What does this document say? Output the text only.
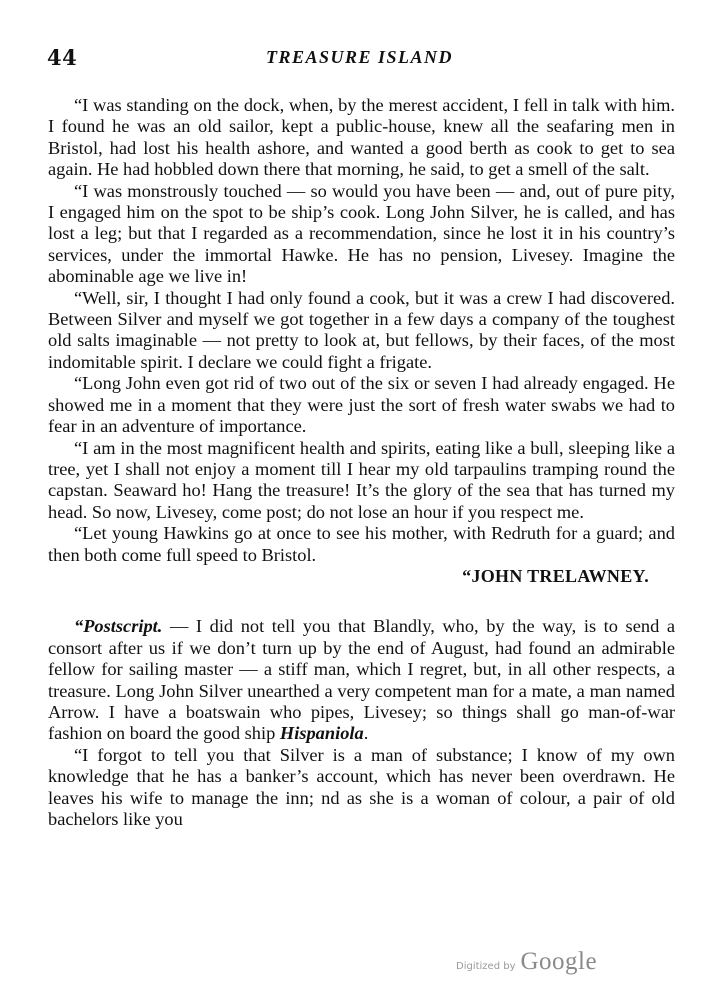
44	TREASURE ISLAND

“I was standing on the dock, when, by the merest accident, I fell in talk with him. I found he was an old sailor, kept a public-house, knew all the seafaring men in Bristol, had lost his health ashore, and wanted a good berth as cook to get to sea again. He had hobbled down there that morning, he said, to get a smell of the salt.

“I was monstrously touched — so would you have been — and, out of pure pity, I engaged him on the spot to be ship’s cook. Long John Silver, he is called, and has lost a leg; but that I regarded as a recommendation, since he lost it in his country’s services, under the immortal Hawke. He has no pension, Livesey. Imagine the abominable age we live in!

“Well, sir, I thought I had only found a cook, but it was a crew I had discovered. Between Silver and myself we got together in a few days a company of the toughest old salts imaginable — not pretty to look at, but fellows, by their faces, of the most indomitable spirit. I declare we could fight a frigate.

“Long John even got rid of two out of the six or seven I had already engaged. He showed me in a moment that they were just the sort of fresh water swabs we had to fear in an adventure of importance.

“I am in the most magnificent health and spirits, eating like a bull, sleeping like a tree, yet I shall not enjoy a moment till I hear my old tarpaulins tramping round the capstan. Seaward ho! Hang the treasure! It’s the glory of the sea that has turned my head. So now, Livesey, come post; do not lose an hour if you respect me.

“Let young Hawkins go at once to see his mother, with Redruth for a guard; and then both come full speed to Bristol.

“JOHN TRELAWNEY.

“Postscript. — I did not tell you that Blandly, who, by the way, is to send a consort after us if we don’t turn up by the end of August, had found an admirable fellow for sailing master — a stiff man, which I regret, but, in all other respects, a treasure. Long John Silver unearthed a very competent man for a mate, a man named Arrow. I have a boatswain who pipes, Livesey; so things shall go man-of-war fashion on board the good ship Hispaniola.

“I forgot to tell you that Silver is a man of substance; I know of my own knowledge that he has a banker’s account, which has never been overdrawn. He leaves his wife to manage the inn; nd as she is a woman of colour, a pair of old bachelors like you

Digitized by Google
